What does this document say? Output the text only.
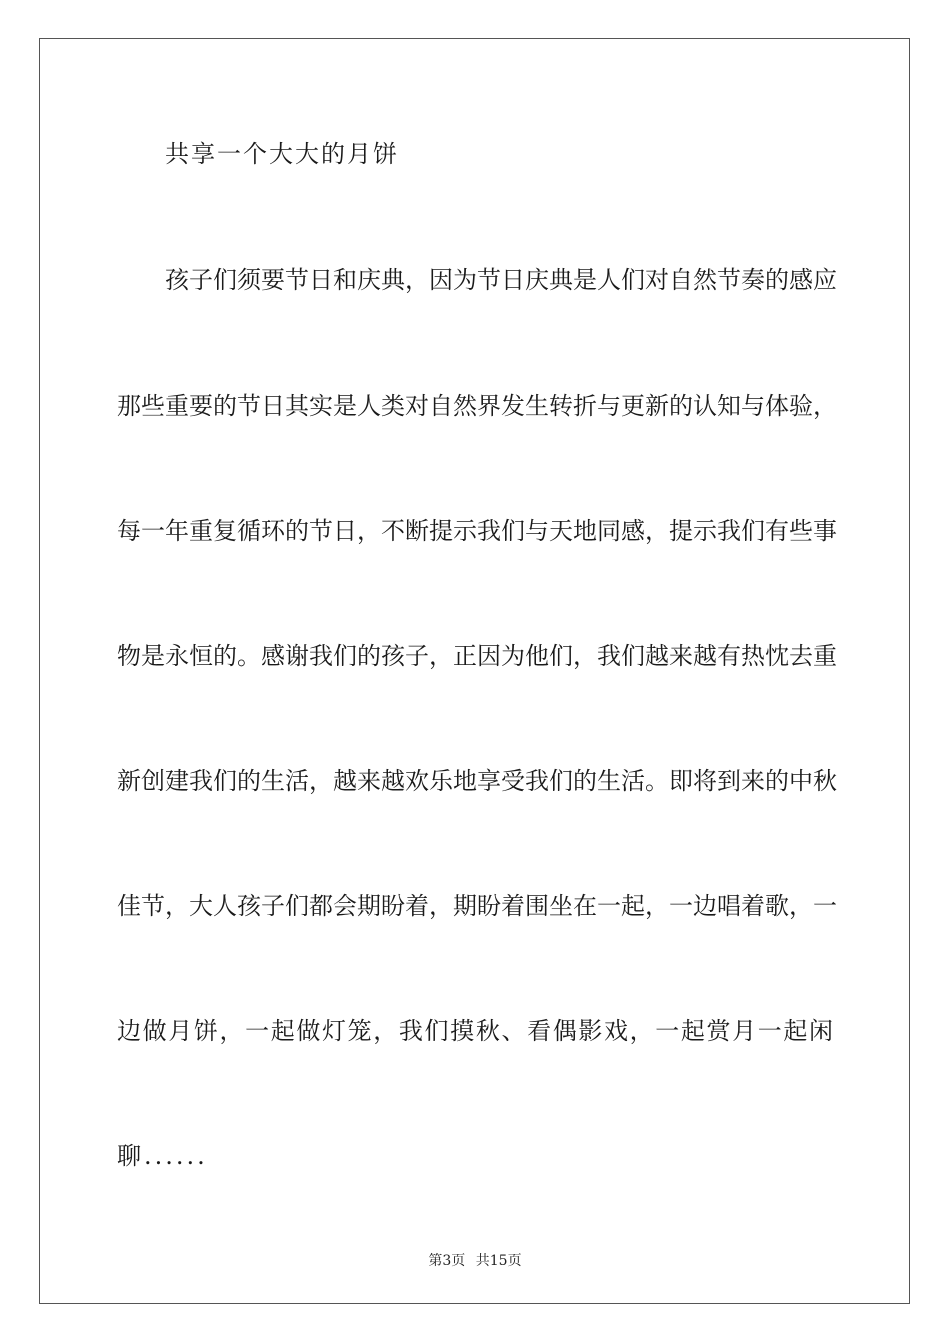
共享一个大大的月饼
孩子们须要节日和庆典，因为节日庆典是人们对自然节奏的感应
那些重要的节日其实是人类对自然界发生转折与更新的认知与体验，
每一年重复循环的节日，不断提示我们与天地同感，提示我们有些事
物是永恒的。感谢我们的孩子，正因为他们，我们越来越有热忱去重
新创建我们的生活，越来越欢乐地享受我们的生活。即将到来的中秋
佳节，大人孩子们都会期盼着，期盼着围坐在一起，一边唱着歌，一
边做月饼，一起做灯笼，我们摸秋、看偶影戏，一起赏月一起闲
聊......
第3页 共15页
